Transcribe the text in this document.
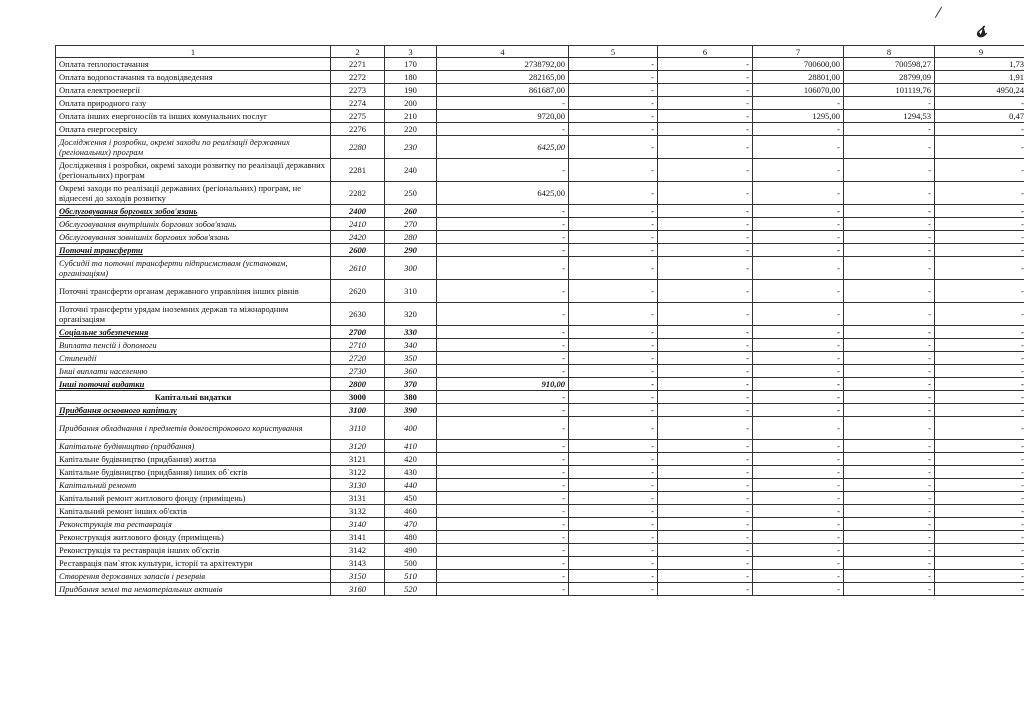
/
𝓈
1	2	3	4	5	6	7	8	9
Оплата теплопостачання	2271	170	2738792,00	-	-	700600,00	700598,27	1,73
Оплата водопостачання та водовідведення	2272	180	282165,00	-	-	28801,00	28799,09	1,91
Оплата електроенергії	2273	190	861687,00	-	-	106070,00	101119,76	4950,24
Оплата природного газу	2274	200	-	-	-	-	-	-
Оплата інших енергоносіїв та інших комунальних послуг	2275	210	9720,00	-	-	1295,00	1294,53	0,47
Оплата енергосервісу	2276	220	-	-	-	-	-	-
Дослідження і розробки, окремі заходи по реалізації державних (регіональних) програм	2280	230	6425,00	-	-	-	-	-
Дослідження і розробки, окремі заходи розвитку по реалізації державних (регіональних) програм	2281	240	-	-	-	-	-	-
Окремі заходи по реалізації державних (регіональних) програм, не віднесені до заходів розвитку	2282	250	6425,00	-	-	-	-	-
Обслуговування боргових зобов'язань	2400	260	-	-	-	-	-	-
Обслуговування внутрішніх боргових зобов'язань	2410	270	-	-	-	-	-	-
Обслуговування зовнішніх боргових зобов'язань	2420	280	-	-	-	-	-	-
Поточні трансферти	2600	290	-	-	-	-	-	-
Субсидії та поточні трансферти підприємствам (установам, організаціям)	2610	300	-	-	-	-	-	-
Поточні трансферти органам державного управління інших рівнів	2620	310	-	-	-	-	-	-
Поточні трансферти урядам іноземних держав та міжнародним організаціям	2630	320	-	-	-	-	-	-
Соціальне забезпечення	2700	330	-	-	-	-	-	-
Виплата пенсій і допомоги	2710	340	-	-	-	-	-	-
Стипендії	2720	350	-	-	-	-	-	-
Інші виплати населенню	2730	360	-	-	-	-	-	-
Інші поточні видатки	2800	370	910,00	-	-	-	-	-
Капітальні видатки	3000	380	-	-	-	-	-	-
Придбання основного капіталу	3100	390	-	-	-	-	-	-
Придбання обладнання і предметів довгострокового користування	3110	400	-	-	-	-	-	-
Капітальне будівництво (придбання)	3120	410	-	-	-	-	-	-
Капітальне будівництво (придбання) житла	3121	420	-	-	-	-	-	-
Капітальне будівництво (придбання) інших об`єктів	3122	430	-	-	-	-	-	-
Капітальний ремонт	3130	440	-	-	-	-	-	-
Капітальний ремонт житлового фонду (приміщень)	3131	450	-	-	-	-	-	-
Капітальний ремонт інших об'єктів	3132	460	-	-	-	-	-	-
Реконструкція та реставрація	3140	470	-	-	-	-	-	-
Реконструкція житлового фонду (приміщень)	3141	480	-	-	-	-	-	-
Реконструкція та реставрація інших об'єктів	3142	490	-	-	-	-	-	-
Реставрація пам`яток культури, історії та архітектури	3143	500	-	-	-	-	-	-
Створення державних запасів і резервів	3150	510	-	-	-	-	-	-
Придбання землі та нематеріальних активів	3160	520	-	-	-	-	-	-
